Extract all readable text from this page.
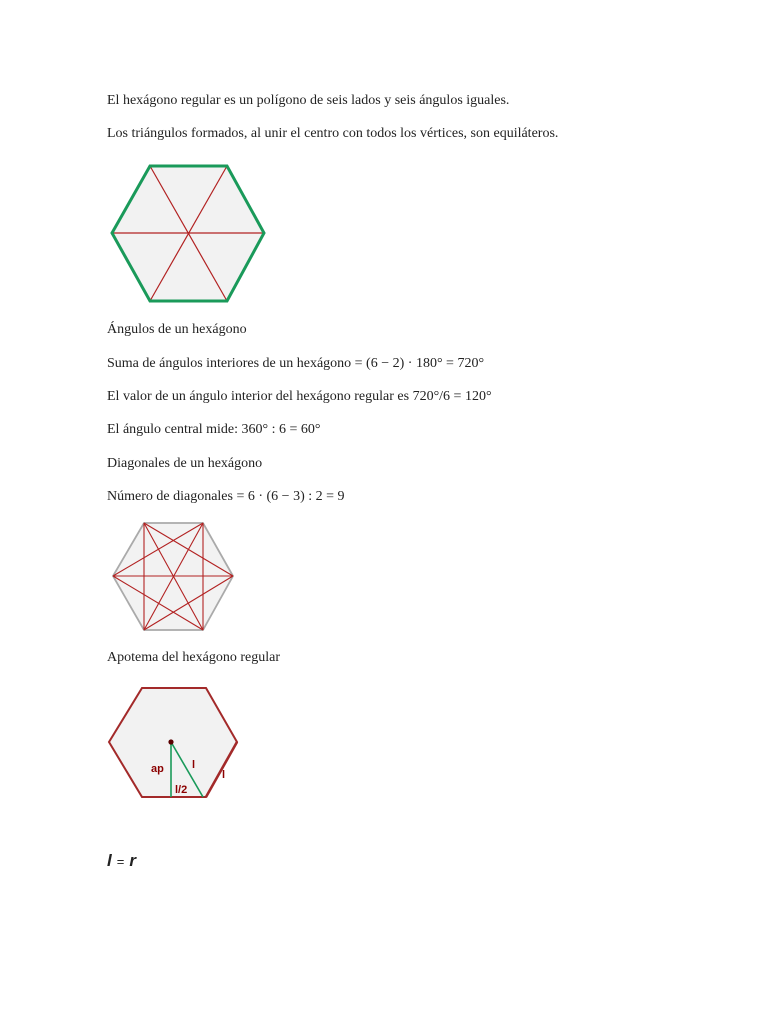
El hexágono regular es un polígono de seis lados y seis ángulos iguales.
Los triángulos formados, al unir el centro con todos los vértices, son equiláteros.
Ángulos de un hexágono
Suma de ángulos interiores de un hexágono = (6 − 2) · 180° = 720°
El valor de un ángulo interior del hexágono regular es 720°/6 = 120°
El ángulo central mide: 360° : 6 = 60°
Diagonales de un hexágono
Número de diagonales = 6 · (6 − 3) : 2 = 9
Apotema del hexágono regular
ap	l
l
l/2
l = r
